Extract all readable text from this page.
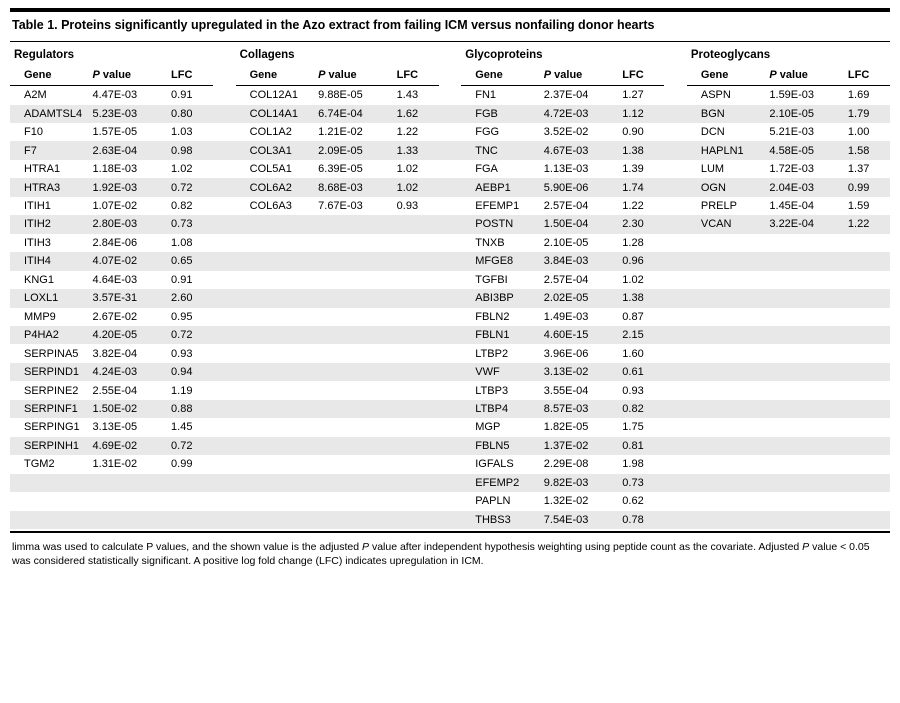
Table 1. Proteins significantly upregulated in the Azo extract from failing ICM versus nonfailing donor hearts
Regulators				Collagens				Glycoproteins				Proteoglycans		
Gene	P value	LFC		Gene	P value	LFC		Gene	P value	LFC		Gene	P value	LFC
A2M	4.47E-03	0.91		COL12A1	9.88E-05	1.43		FN1	2.37E-04	1.27		ASPN	1.59E-03	1.69
ADAMTSL4	5.23E-03	0.80		COL14A1	6.74E-04	1.62		FGB	4.72E-03	1.12		BGN	2.10E-05	1.79
F10	1.57E-05	1.03		COL1A2	1.21E-02	1.22		FGG	3.52E-02	0.90		DCN	5.21E-03	1.00
F7	2.63E-04	0.98		COL3A1	2.09E-05	1.33		TNC	4.67E-03	1.38		HAPLN1	4.58E-05	1.58
HTRA1	1.18E-03	1.02		COL5A1	6.39E-05	1.02		FGA	1.13E-03	1.39		LUM	1.72E-03	1.37
HTRA3	1.92E-03	0.72		COL6A2	8.68E-03	1.02		AEBP1	5.90E-06	1.74		OGN	2.04E-03	0.99
ITIH1	1.07E-02	0.82		COL6A3	7.67E-03	0.93		EFEMP1	2.57E-04	1.22		PRELP	1.45E-04	1.59
ITIH2	2.80E-03	0.73						POSTN	1.50E-04	2.30		VCAN	3.22E-04	1.22
ITIH3	2.84E-06	1.08						TNXB	2.10E-05	1.28				
ITIH4	4.07E-02	0.65						MFGE8	3.84E-03	0.96				
KNG1	4.64E-03	0.91						TGFBI	2.57E-04	1.02				
LOXL1	3.57E-31	2.60						ABI3BP	2.02E-05	1.38				
MMP9	2.67E-02	0.95						FBLN2	1.49E-03	0.87				
P4HA2	4.20E-05	0.72						FBLN1	4.60E-15	2.15				
SERPINA5	3.82E-04	0.93						LTBP2	3.96E-06	1.60				
SERPIND1	4.24E-03	0.94						VWF	3.13E-02	0.61				
SERPINE2	2.55E-04	1.19						LTBP3	3.55E-04	0.93				
SERPINF1	1.50E-02	0.88						LTBP4	8.57E-03	0.82				
SERPING1	3.13E-05	1.45						MGP	1.82E-05	1.75				
SERPINH1	4.69E-02	0.72						FBLN5	1.37E-02	0.81				
TGM2	1.31E-02	0.99						IGFALS	2.29E-08	1.98				
								EFEMP2	9.82E-03	0.73				
								PAPLN	1.32E-02	0.62				
								THBS3	7.54E-03	0.78				
limma was used to calculate P values, and the shown value is the adjusted P value after independent hypothesis weighting using peptide count as the covariate. Adjusted P value < 0.05 was considered statistically significant. A positive log fold change (LFC) indicates upregulation in ICM.
